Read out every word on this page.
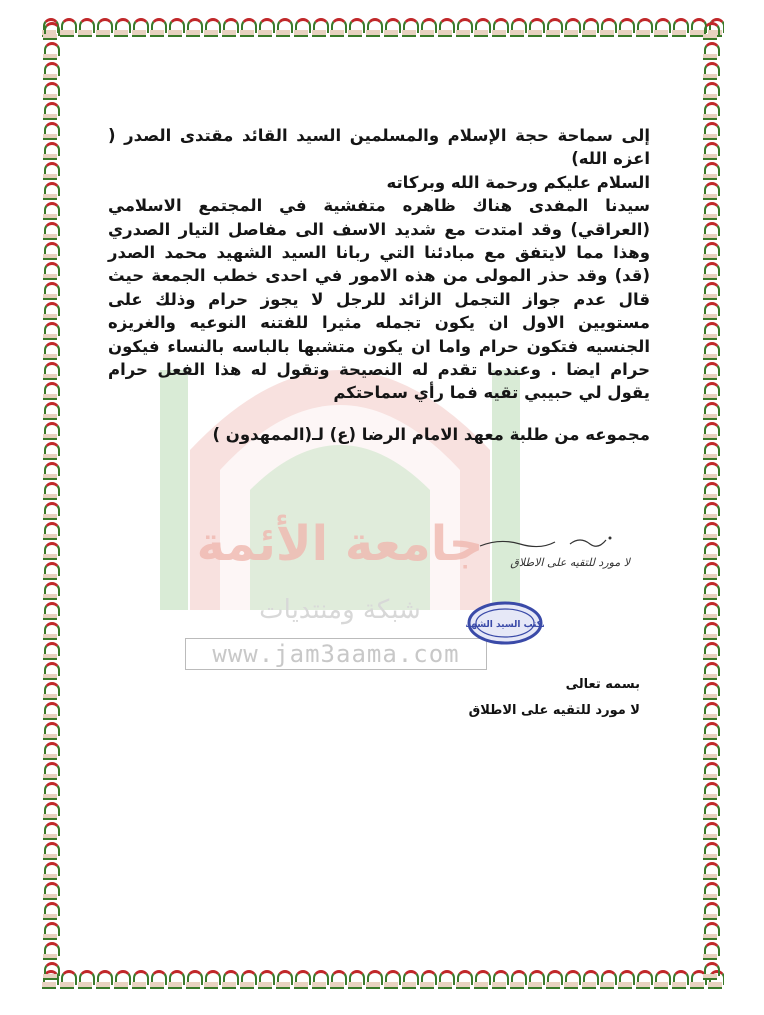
جامعة الأئمة
شبكة ومنتديات
www.jam3aama.com

إلى سماحة حجة الإسلام والمسلمين السيد القائد مقتدى الصدر ( اعزه الله)

السلام عليكم ورحمة الله وبركاته

سيدنا المفدى هناك ظاهره متفشية في المجتمع الاسلامي (العراقي) وقد امتدت مع شديد الاسف الى مفاصل التيار الصدري وهذا مما لايتفق مع مبادئنا التي ربانا السيد الشهيد محمد الصدر (قد) وقد حذر المولى من هذه الامور في احدى خطب الجمعة حيث قال عدم جواز التجمل الزائد للرجل لا يجوز حرام وذلك على مستويين الاول ان يكون تجمله مثيرا للفتنه النوعيه والغريزه الجنسيه فتكون حرام واما ان يكون متشبها بالباسه بالنساء فيكون حرام ايضا . وعندما تقدم له النصيحة وتقول له هذا الفعل حرام يقول لي حبيبي تقيه فما رأي سماحتكم

مجموعه من طلبة معهد الامام الرضا (ع) لـ(الممهدون )

لا مورد للتقيه على الاطلاق
مكتب السيد الشهيد

بسمه تعالى

لا مورد للتقيه على الاطلاق
